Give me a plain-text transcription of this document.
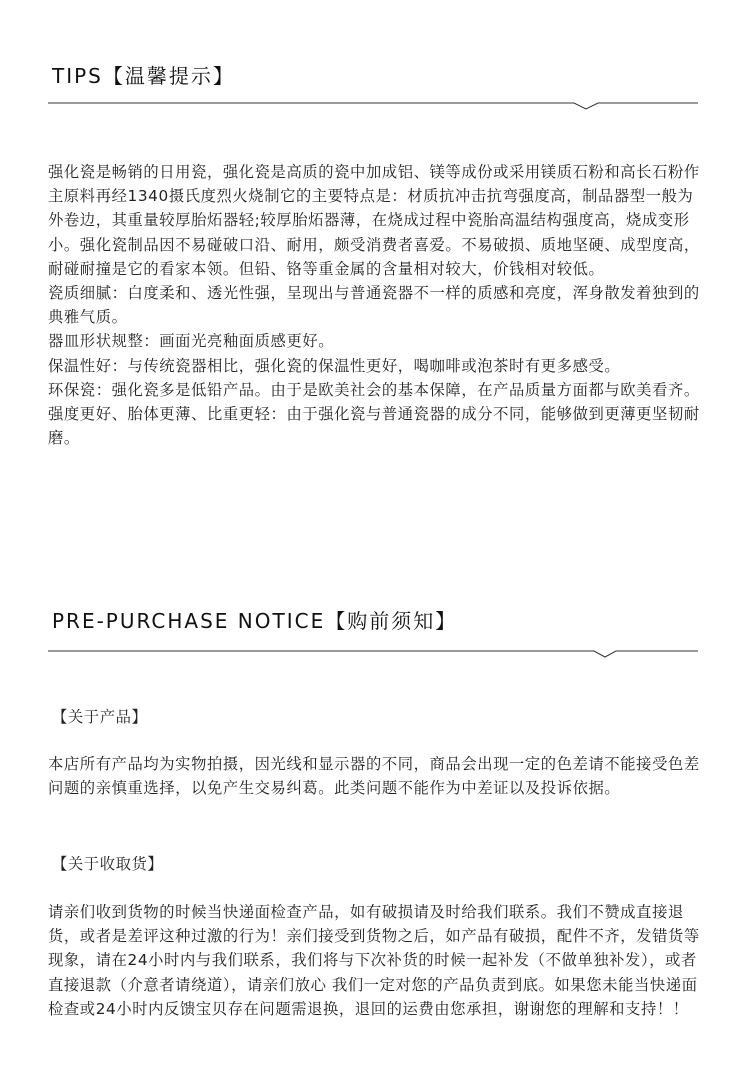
TIPS【温馨提示】

强化瓷是畅销的日用瓷，强化瓷是高质的瓷中加成铝、镁等成份或采用镁质石粉和高长石粉作主原料再经1340摄氏度烈火烧制它的主要特点是：材质抗冲击抗弯强度高，制品器型一般为外卷边，其重量较厚胎炻器轻;较厚胎炻器薄，在烧成过程中瓷胎高温结构强度高，烧成变形小。强化瓷制品因不易碰破口沿、耐用，颇受消费者喜爱。不易破损、质地坚硬、成型度高，耐碰耐撞是它的看家本领。但铅、铬等重金属的含量相对较大，价钱相对较低。

瓷质细腻：白度柔和、透光性强，呈现出与普通瓷器不一样的质感和亮度，浑身散发着独到的典雅气质。

器皿形状规整：画面光亮釉面质感更好。

保温性好：与传统瓷器相比，强化瓷的保温性更好，喝咖啡或泡茶时有更多感受。

环保瓷：强化瓷多是低铅产品。由于是欧美社会的基本保障，在产品质量方面都与欧美看齐。

强度更好、胎体更薄、比重更轻：由于强化瓷与普通瓷器的成分不同，能够做到更薄更坚韧耐磨。

PRE-PURCHASE NOTICE【购前须知】
【关于产品】

本店所有产品均为实物拍摄，因光线和显示器的不同，商品会出现一定的色差请不能接受色差问题的亲慎重选择，以免产生交易纠葛。此类问题不能作为中差证以及投诉依据。

【关于收取货】

请亲们收到货物的时候当快递面检查产品，如有破损请及时给我们联系。我们不赞成直接退货，或者是差评这种过激的行为！亲们接受到货物之后，如产品有破损，配件不齐，发错货等现象，请在24小时内与我们联系，我们将与下次补货的时候一起补发（不做单独补发），或者直接退款（介意者请绕道），请亲们放心 我们一定对您的产品负责到底。如果您未能当快递面检查或24小时内反馈宝贝存在问题需退换，退回的运费由您承担，谢谢您的理解和支持！！
